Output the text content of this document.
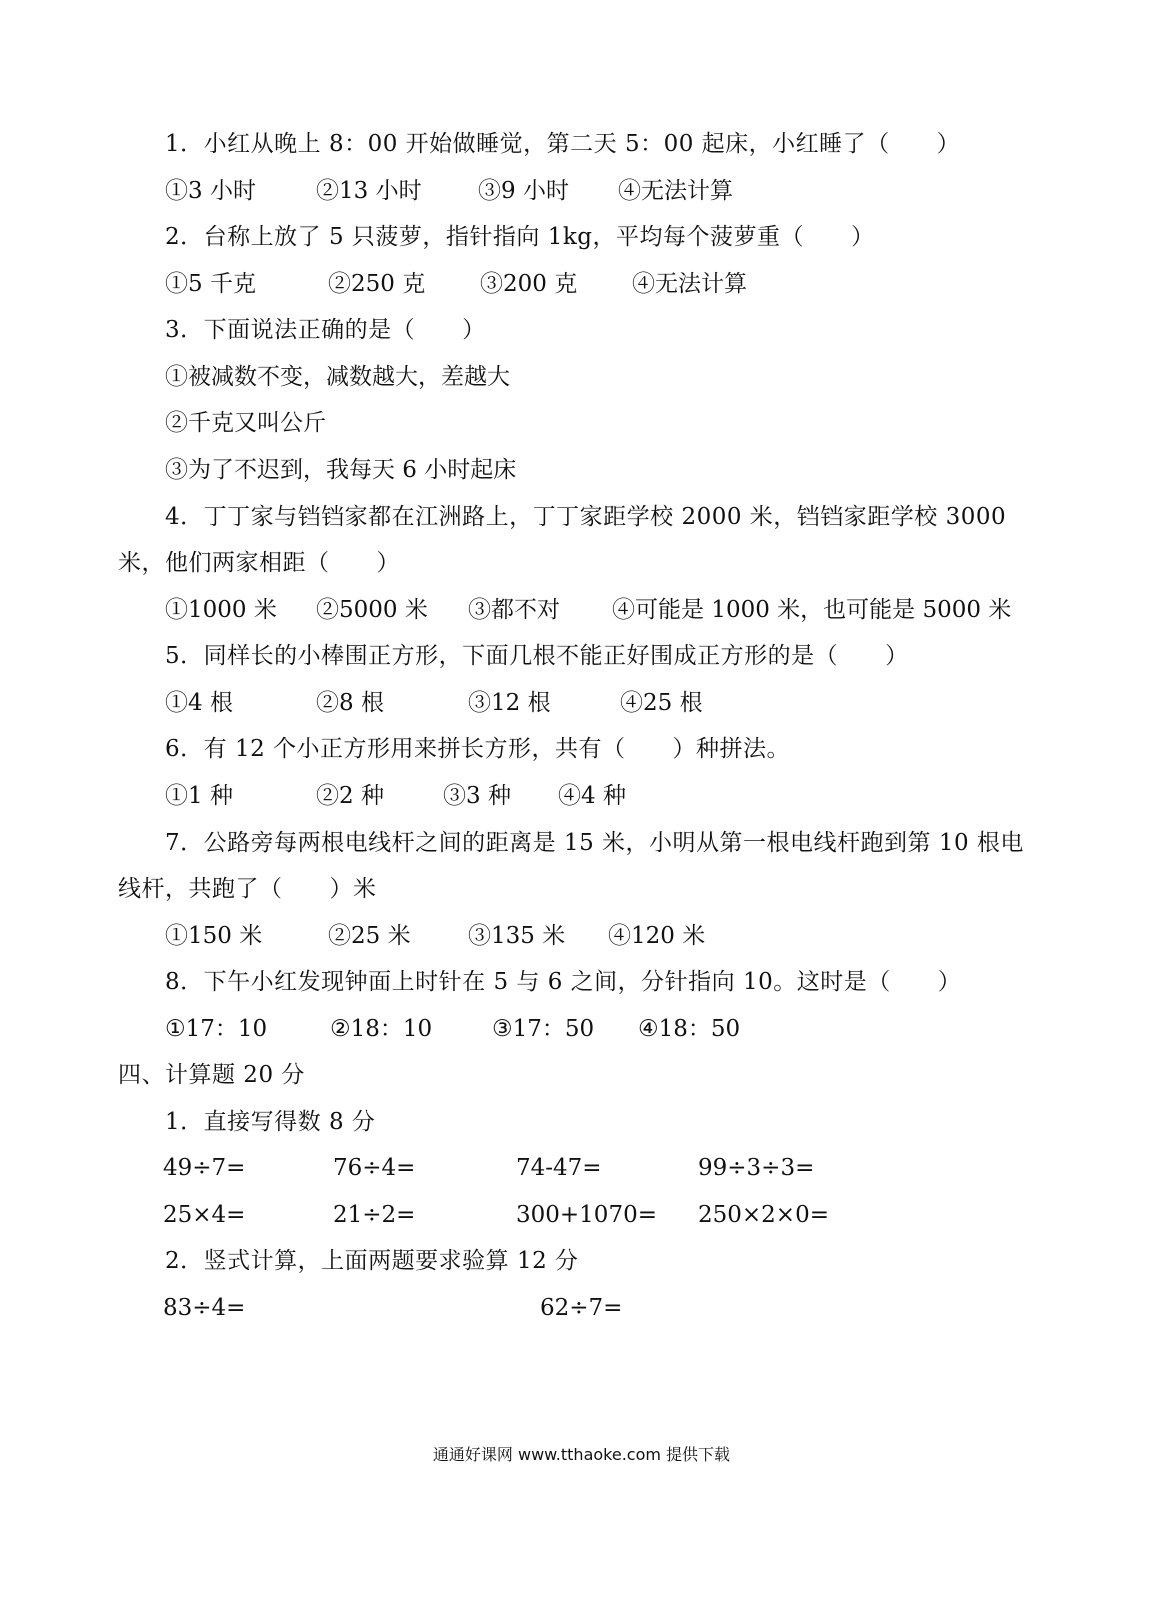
1．小红从晚上 8：00 开始做睡觉，第二天 5：00 起床，小红睡了（　　）
①3 小时	②13 小时 ③9 小时 ④无法计算
2．台称上放了 5 只菠萝，指针指向 1kg，平均每个菠萝重（　　）
①5 千克	②250 克 ③200 克 ④无法计算
3．下面说法正确的是（　　）
①被减数不变，减数越大，差越大
②千克又叫公斤
③为了不迟到，我每天 6 小时起床
4．丁丁家与铛铛家都在江洲路上，丁丁家距学校 2000 米，铛铛家距学校 3000
米，他们两家相距（　　）
①1000 米 ②5000 米 ③都不对 ④可能是 1000 米，也可能是 5000 米
5．同样长的小棒围正方形，下面几根不能正好围成正方形的是（　　）
①4 根	②8 根	③12 根	④25 根
6．有 12 个小正方形用来拼长方形，共有（　　）种拼法。
①1 种	②2 种	③3 种 ④4 种
7．公路旁每两根电线杆之间的距离是 15 米，小明从第一根电线杆跑到第 10 根电
线杆，共跑了（　　）米
①150 米	②25 米 ③135 米 ④120 米
8．下午小红发现钟面上时针在 5 与 6 之间，分针指向 10。这时是（　　）
①17：10	②18：10	③17：50 ④18：50
四、计算题 20 分
1．直接写得数 8 分
49÷7=	76÷4=	74-47=	99÷3÷3=
25×4=	21÷2=	300+1070= 250×2×0=
2．竖式计算，上面两题要求验算 12 分
83÷4=	62÷7=
通通好课网 www.tthaoke.com 提供下载
